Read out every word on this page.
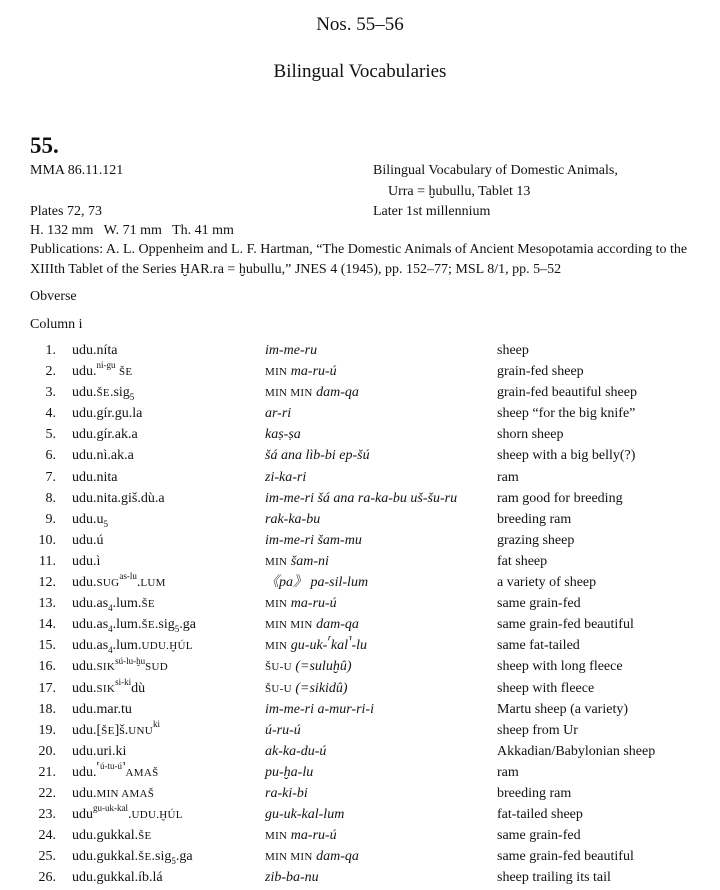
Nos. 55–56
Bilingual Vocabularies
55.
MMA 86.11.121	Bilingual Vocabulary of Domestic Animals,
Urra = ḫubullu, Tablet 13
Plates 72, 73	Later 1st millennium
H. 132 mm   W. 71 mm   Th. 41 mm
Publications: A. L. Oppenheim and L. F. Hartman, “The Domestic Animals of Ancient Mesopotamia according to the XIIIth Tablet of the Series ḪAR.ra = ḫubullu,” JNES 4 (1945), pp. 152–77; MSL 8/1, pp. 5–52
Obverse
Column i
1. udu.níta	im-me-ru	sheep
2. udu.$^{ni-gu}$ ŠE	MIN ma-ru-ú	grain-fed sheep
3. udu.ŠE.sig$_5$	MIN MIN dam-qa	grain-fed beautiful sheep
4. udu.gír.gu.la	ar-ri	sheep “for the big knife”
5. udu.gír.ak.a	kaṣ-ṣa	shorn sheep
6. udu.nì.ak.a	šá ana lìb-bi ep-šú	sheep with a big belly(?)
7. udu.nita	zi-ka-ri	ram
8. udu.nita.giš.dù.a	im-me-ri šá ana ra-ka-bu uš-šu-ru	ram good for breeding
9. $udu.u_5$	rak-ka-bu	breeding ram
10. udu.ú	im-me-ri šam-mu	grazing sheep
11. udu.ì	MIN šam-ni	fat sheep
12. $udu.SUG^{as-lu}.LUM$	《pa》 pa-sil-lum	a variety of sheep
13. $udu.as_4.lum.ŠE$	MIN ma-ru-ú	same grain-fed
14. $udu.as_4.lum.ŠE.sig_5.ga$	MIN MIN dam-qa	same grain-fed beautiful
15. $udu.as_4.lum.UDU.ḪÚL$	MIN gu-uk-⸢kal⸣-lu	same fat-tailed
16. $udu.SIK^{sú-lu-ḫu}SUD$	ŠU-U (=suluḫû)	sheep with long fleece
17. $udu.SIK^{si-ki}dù$	ŠU-U (=sikidû)	sheep with fleece
18. udu.mar.tu	im-me-ri a-mur-ri-i	Martu sheep (a variety)
19. $udu.[ŠE]š.UNU^{ki}$	ú-ru-ú	sheep from Ur
20. udu.uri.ki	ak-ka-du-ú	Akkadian/Babylonian sheep
21. udu.$^{⸢ú-tu-ú⸣}$AMAŠ	pu-ḫa-lu	ram
22. udu.MIN AMAŠ	ra-ki-bi	breeding ram
23. udu$^{gu-uk-kal}$.UDU.ḪÚL	gu-uk-kal-lum	fat-tailed sheep
24. udu.gukkal.ŠE	MIN ma-ru-ú	same grain-fed
25. udu.gukkal.ŠE.sig$_5$.ga	MIN MIN dam-qa	same grain-fed beautiful
26. udu.gukkal.íb.lá	zib-ba-nu	sheep trailing its tail
